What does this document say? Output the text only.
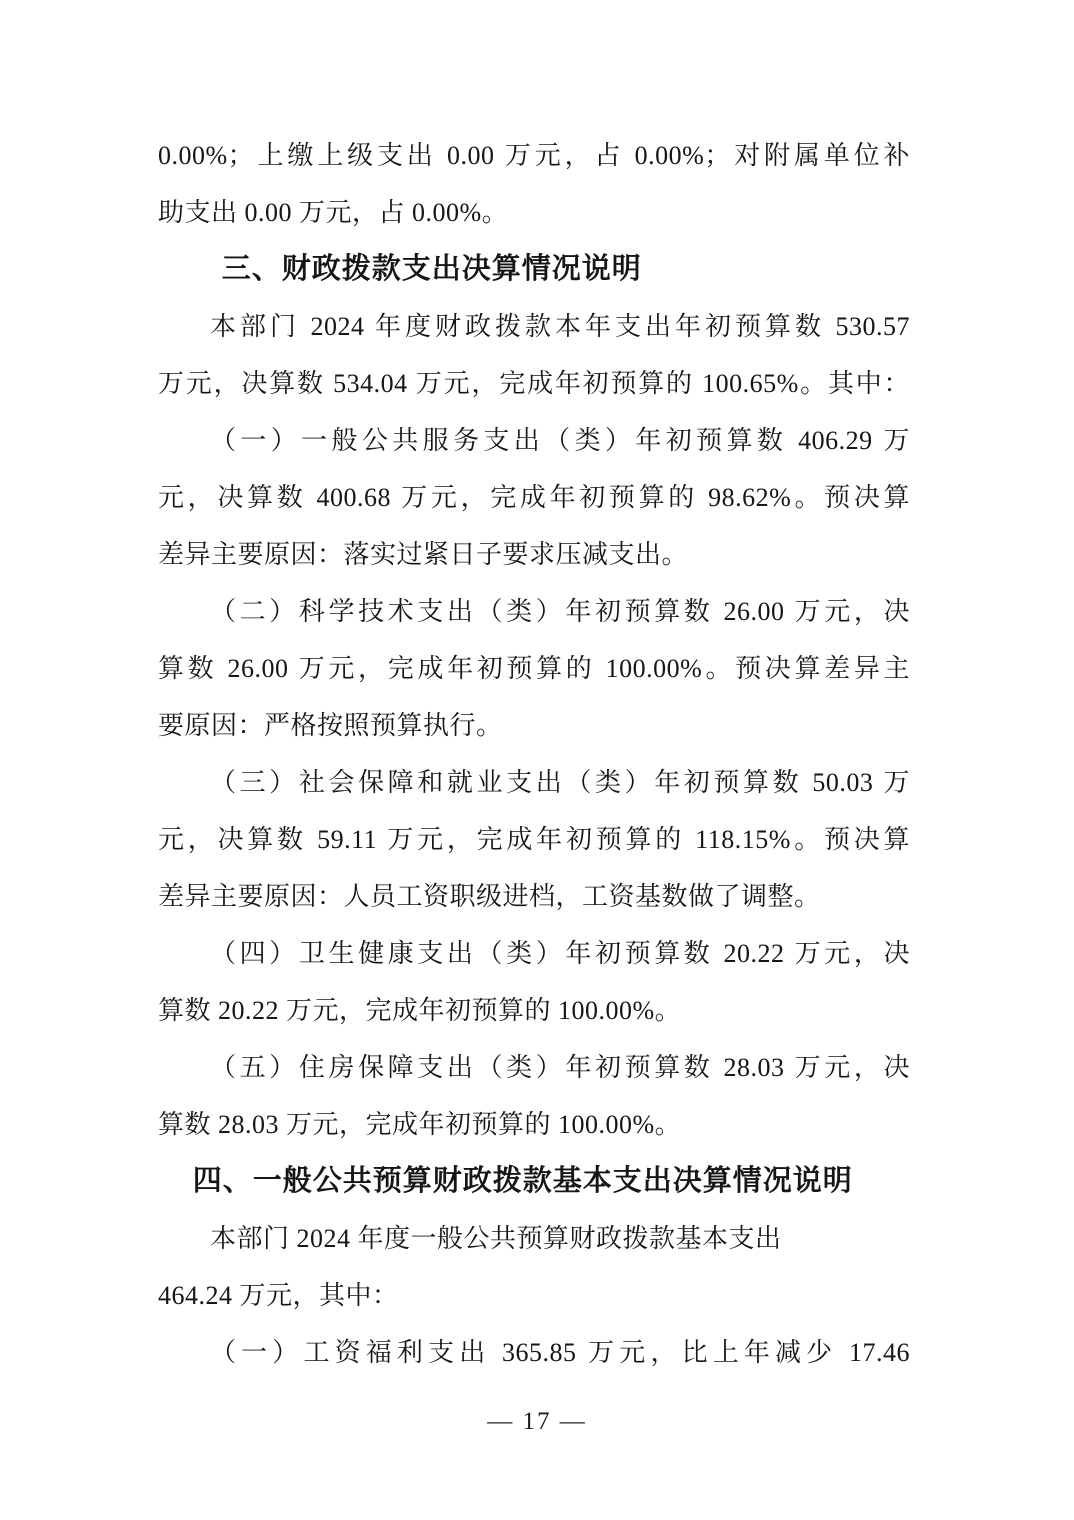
0.00%；上缴上级支出 0.00 万元，占 0.00%；对附属单位补
助支出 0.00 万元，占 0.00%。
三、财政拨款支出决算情况说明
本部门 2024 年度财政拨款本年支出年初预算数 530.57
万元，决算数 534.04 万元，完成年初预算的 100.65%。其中：
（一）一般公共服务支出（类）年初预算数 406.29 万
元，决算数 400.68 万元，完成年初预算的 98.62%。预决算
差异主要原因：落实过紧日子要求压减支出。
（二）科学技术支出（类）年初预算数 26.00 万元，决
算数 26.00 万元，完成年初预算的 100.00%。预决算差异主
要原因：严格按照预算执行。
（三）社会保障和就业支出（类）年初预算数 50.03 万
元，决算数 59.11 万元，完成年初预算的 118.15%。预决算
差异主要原因：人员工资职级进档，工资基数做了调整。
（四）卫生健康支出（类）年初预算数 20.22 万元，决
算数 20.22 万元，完成年初预算的 100.00%。
（五）住房保障支出（类）年初预算数 28.03 万元，决
算数 28.03 万元，完成年初预算的 100.00%。
四、一般公共预算财政拨款基本支出决算情况说明
本部门 2024 年度一般公共预算财政拨款基本支出
464.24 万元，其中：
（一）工资福利支出 365.85 万元，比上年减少 17.46
— 17 —
